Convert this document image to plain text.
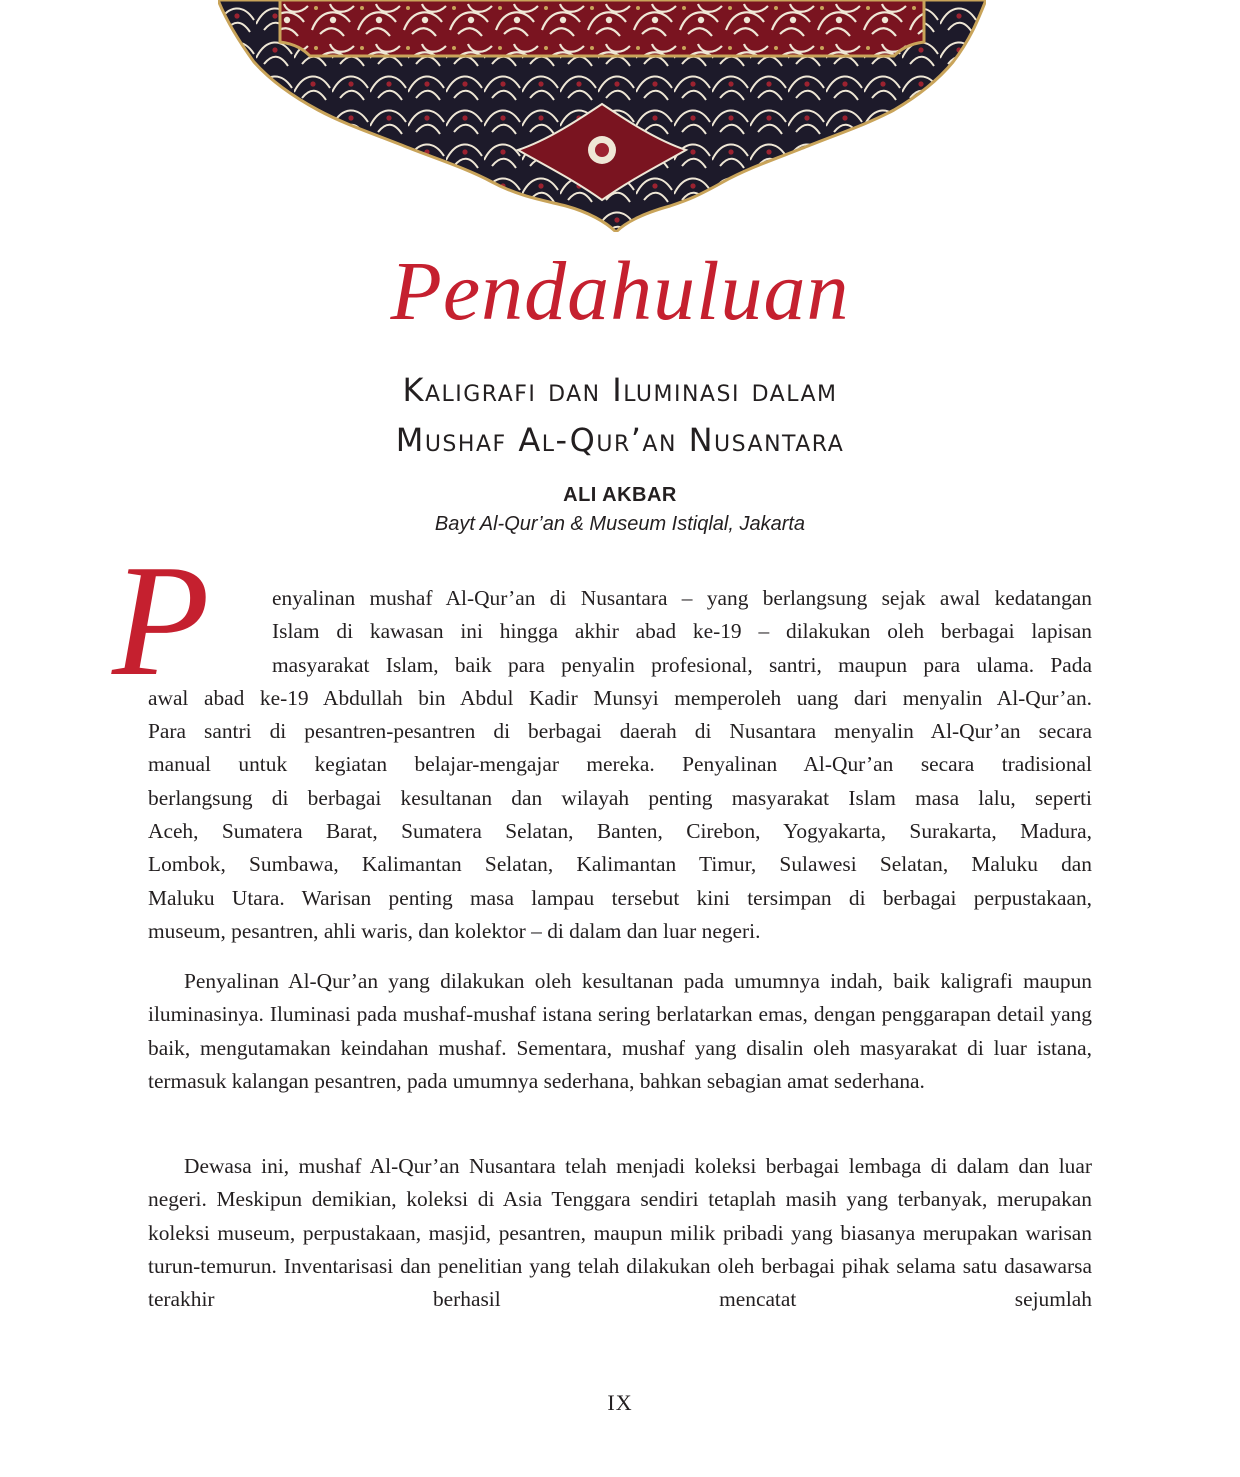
Pendahuluan
Kaligrafi dan Iluminasi dalam
Mushaf Al-Qur’an Nusantara
ALI AKBAR
Bayt Al-Qur’an & Museum Istiqlal, Jakarta
P	enyalinan mushaf Al-Qur’an di Nusantara – yang berlangsung sejak awal kedatangan
Islam di kawasan ini hingga akhir abad ke-19 – dilakukan oleh berbagai lapisan
masyarakat Islam, baik para penyalin profesional, santri, maupun para ulama. Pada
awal abad ke-19 Abdullah bin Abdul Kadir Munsyi memperoleh uang dari menyalin Al-Qur’an.
Para santri di pesantren-pesantren di berbagai daerah di Nusantara menyalin Al-Qur’an secara
manual untuk kegiatan belajar-mengajar mereka. Penyalinan Al-Qur’an secara tradisional
berlangsung di berbagai kesultanan dan wilayah penting masyarakat Islam masa lalu, seperti
Aceh, Sumatera Barat, Sumatera Selatan, Banten, Cirebon, Yogyakarta, Surakarta, Madura,
Lombok, Sumbawa, Kalimantan Selatan, Kalimantan Timur, Sulawesi Selatan, Maluku dan
Maluku Utara. Warisan penting masa lampau tersebut kini tersimpan di berbagai perpustakaan,
museum, pesantren, ahli waris, dan kolektor – di dalam dan luar negeri.
Penyalinan Al-Qur’an yang dilakukan oleh kesultanan pada umumnya indah, baik kaligrafi maupun iluminasinya. Iluminasi pada mushaf-mushaf istana sering berlatarkan emas, dengan penggarapan detail yang baik, mengutamakan keindahan mushaf. Sementara, mushaf yang disalin oleh masyarakat di luar istana, termasuk kalangan pesantren, pada umumnya sederhana, bahkan sebagian amat sederhana.
Dewasa ini, mushaf Al-Qur’an Nusantara telah menjadi koleksi berbagai lembaga di dalam dan luar negeri. Meskipun demikian, koleksi di Asia Tenggara sendiri tetaplah masih yang terbanyak, merupakan koleksi museum, perpustakaan, masjid, pesantren, maupun milik pribadi yang biasanya merupakan warisan turun-temurun. Inventarisasi dan penelitian yang telah dilakukan oleh berbagai pihak selama satu dasawarsa terakhir berhasil mencatat sejumlah
IX
